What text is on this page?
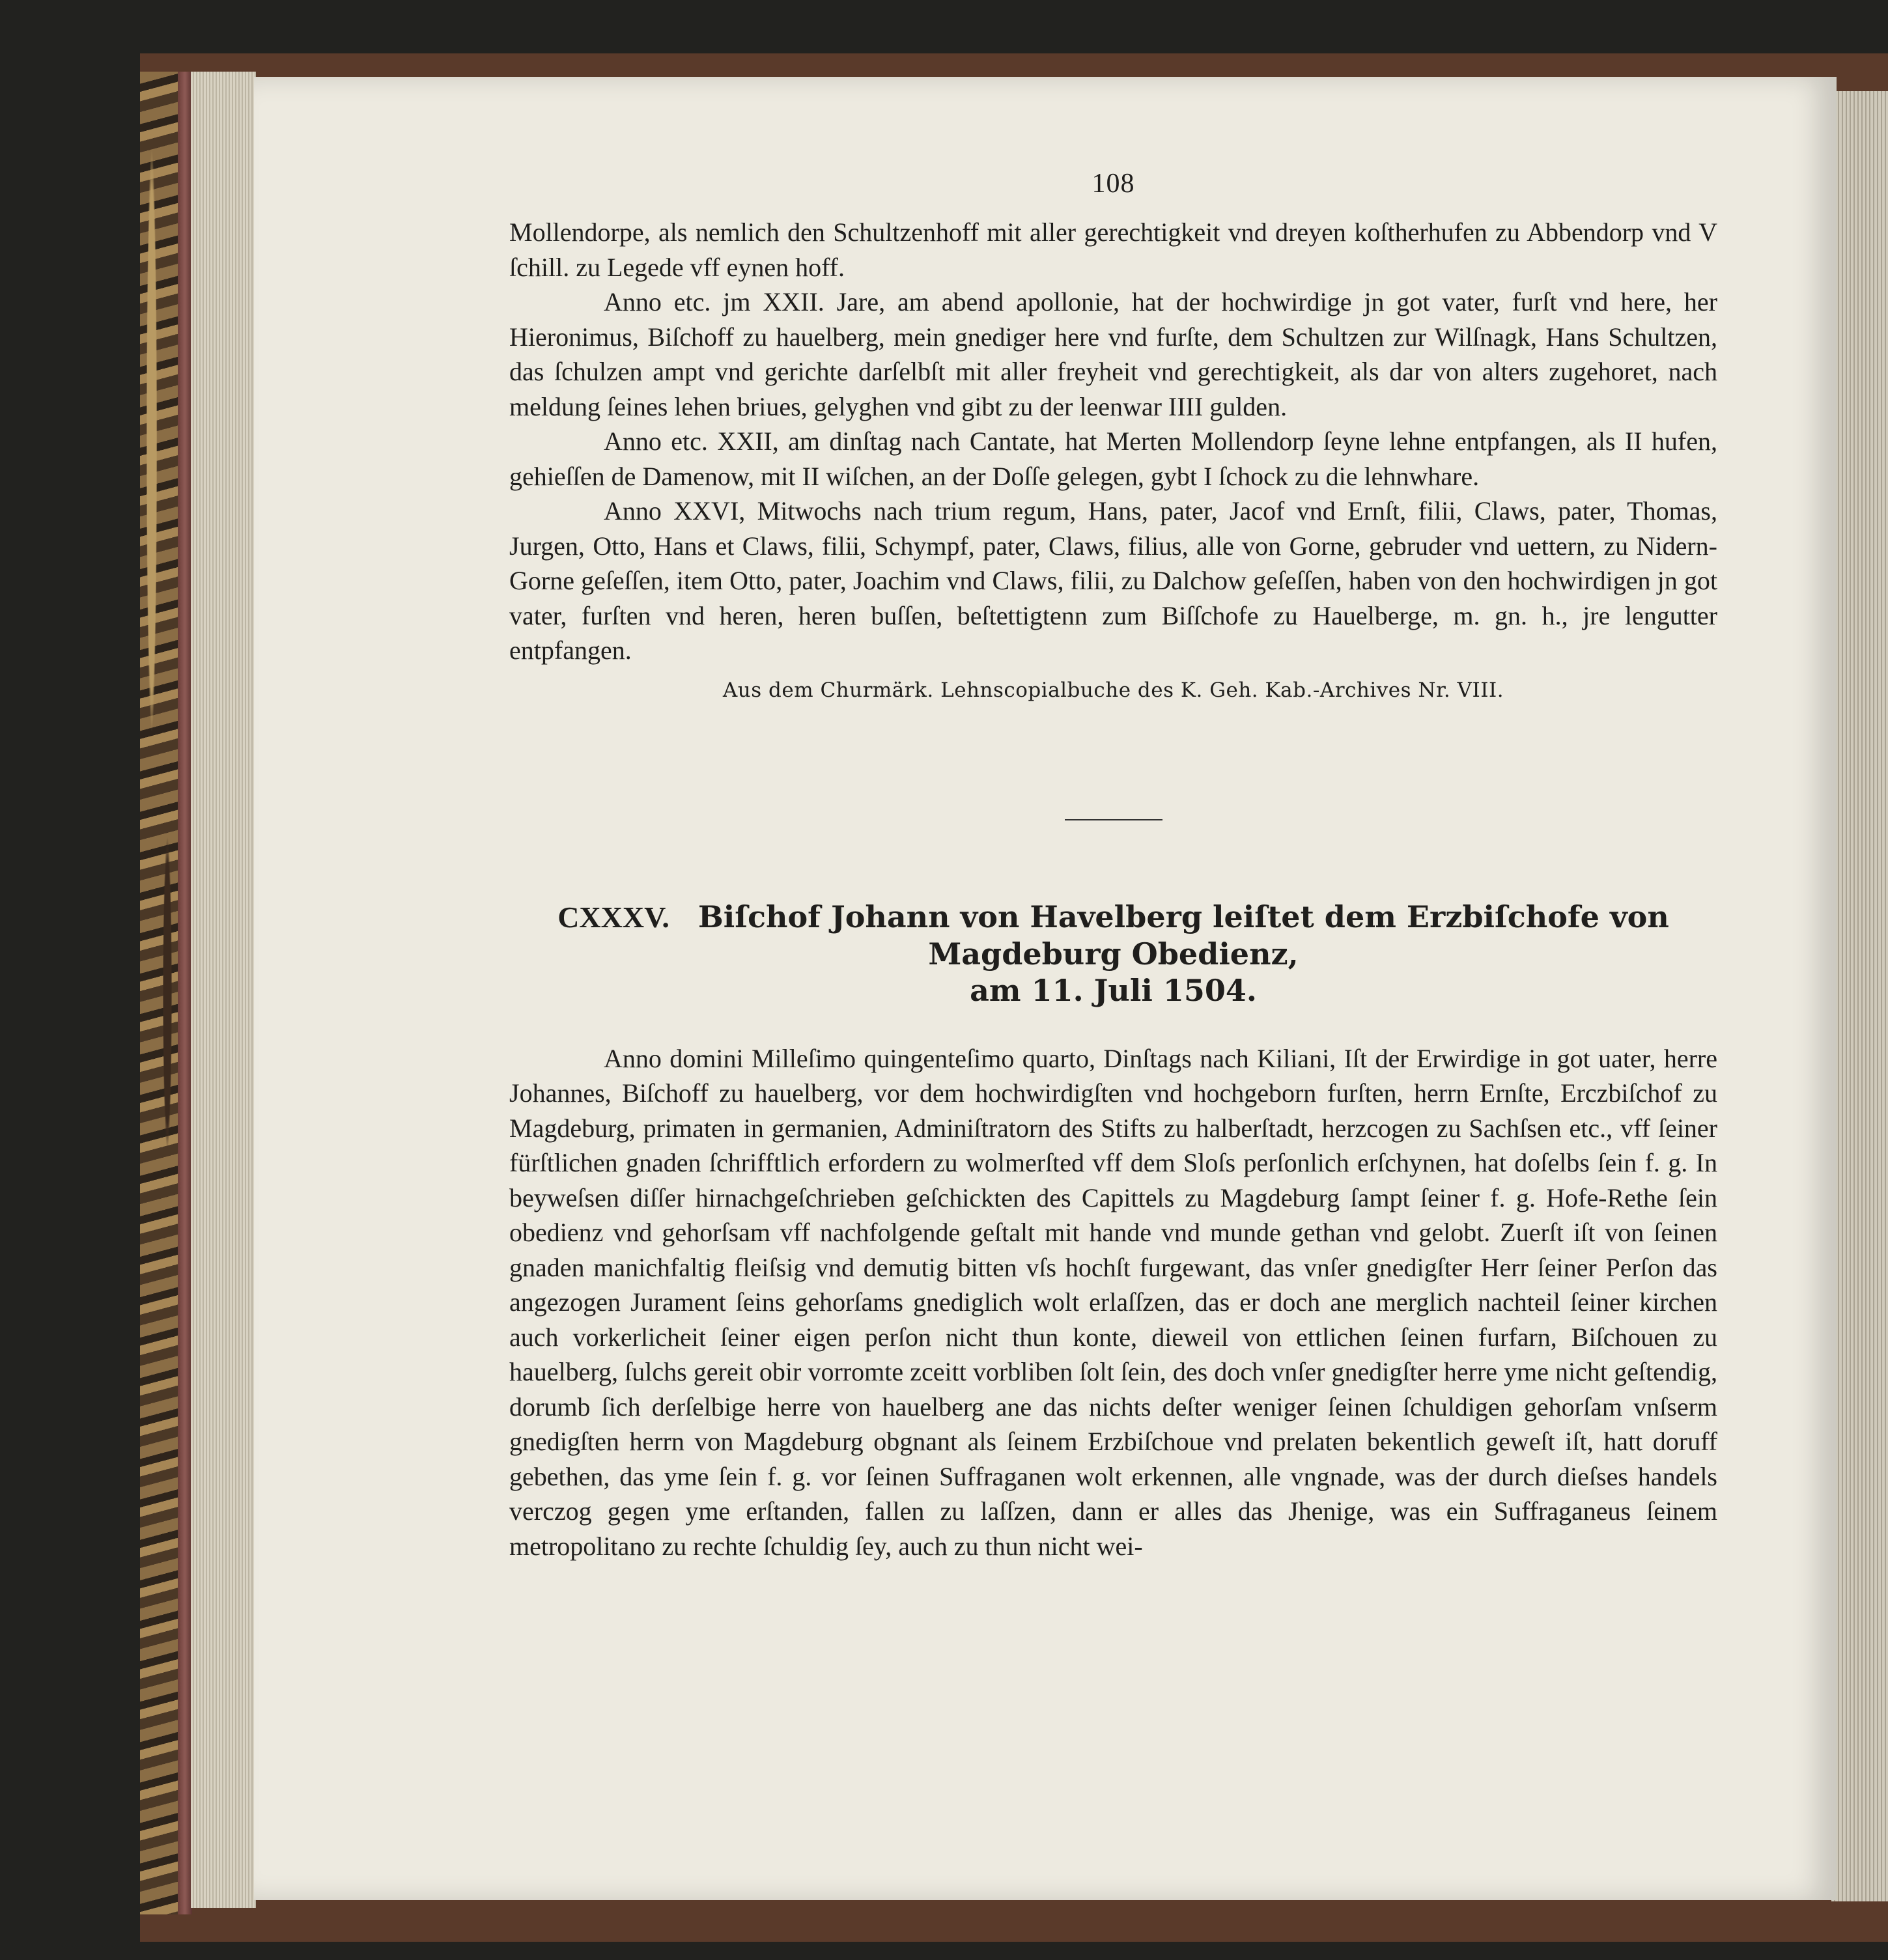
108

Mollendorpe, als nemlich den Schultzenhoff mit aller gerechtigkeit vnd dreyen koſtherhufen zu Abbendorp vnd V ſchill. zu Legede vff eynen hoff.

Anno etc. jm XXII. Jare, am abend apollonie, hat der hochwirdige jn got vater, furſt vnd here, her Hieronimus, Biſchoff zu hauelberg, mein gnediger here vnd furſte, dem Schultzen zur Wilſnagk, Hans Schultzen, das ſchulzen ampt vnd gerichte darſelbſt mit aller freyheit vnd gerechtigkeit, als dar von alters zugehoret, nach meldung ſeines lehen briues, gelyghen vnd gibt zu der leenwar IIII gulden.

Anno etc. XXII, am dinſtag nach Cantate, hat Merten Mollendorp ſeyne lehne entpfangen, als II hufen, gehieſſen de Damenow, mit II wiſchen, an der Doſſe gelegen, gybt I ſchock zu die lehnwhare.

Anno XXVI, Mitwochs nach trium regum, Hans, pater, Jacof vnd Ernſt, filii, Claws, pater, Thomas, Jurgen, Otto, Hans et Claws, filii, Schympf, pater, Claws, filius, alle von Gorne, gebruder vnd uettern, zu Nidern-Gorne geſeſſen, item Otto, pater, Joachim vnd Claws, filii, zu Dalchow geſeſſen, haben von den hochwirdigen jn got vater, furſten vnd heren, heren buſſen, beſtettigtenn zum Biſſchofe zu Hauelberge, m. gn. h., jre lengutter entpfangen.

Aus dem Churmärk. Lehnscopialbuche des K. Geh. Kab.-Archives Nr. VIII.
CXXXV. Biſchof Johann von Havelberg leiſtet dem Erzbiſchofe von Magdeburg Obedienz,
am 11. Juli 1504.

Anno domini Milleſimo quingenteſimo quarto, Dinſtags nach Kiliani, Iſt der Erwirdige in got uater, herre Johannes, Biſchoff zu hauelberg, vor dem hochwirdigſten vnd hochgeborn furſten, herrn Ernſte, Erczbiſchof zu Magdeburg, primaten in germanien, Adminiſtratorn des Stifts zu halberſtadt, herzcogen zu Sachſsen etc., vff ſeiner fürſtlichen gnaden ſchrifftlich erfordern zu wolmerſted vff dem Sloſs perſonlich erſchynen, hat doſelbs ſein f. g. In beyweſsen diſſer hirnachgeſchrieben geſchickten des Capittels zu Magdeburg ſampt ſeiner f. g. Hofe-Rethe ſein obedienz vnd gehorſsam vff nachfolgende geſtalt mit hande vnd munde gethan vnd gelobt. Zuerſt iſt von ſeinen gnaden manichfaltig fleiſsig vnd demutig bitten vſs hochſt furgewant, das vnſer gnedigſter Herr ſeiner Perſon das angezogen Jurament ſeins gehorſams gnediglich wolt erlaſſzen, das er doch ane merglich nachteil ſeiner kirchen auch vorkerlicheit ſeiner eigen perſon nicht thun konte, dieweil von ettlichen ſeinen furfarn, Biſchouen zu hauelberg, ſulchs gereit obir vorromte zceitt vorbliben ſolt ſein, des doch vnſer gnedigſter herre yme nicht geſtendig, dorumb ſich derſelbige herre von hauelberg ane das nichts deſter weniger ſeinen ſchuldigen gehorſam vnſserm gnedigſten herrn von Magdeburg obgnant als ſeinem Erzbiſchoue vnd prelaten bekentlich geweſt iſt, hatt doruff gebethen, das yme ſein f. g. vor ſeinen Suffraganen wolt erkennen, alle vngnade, was der durch dieſses handels verczog gegen yme erſtanden, fallen zu laſſzen, dann er alles das Jhenige, was ein Suffraganeus ſeinem metropolitano zu rechte ſchuldig ſey, auch zu thun nicht wei-
